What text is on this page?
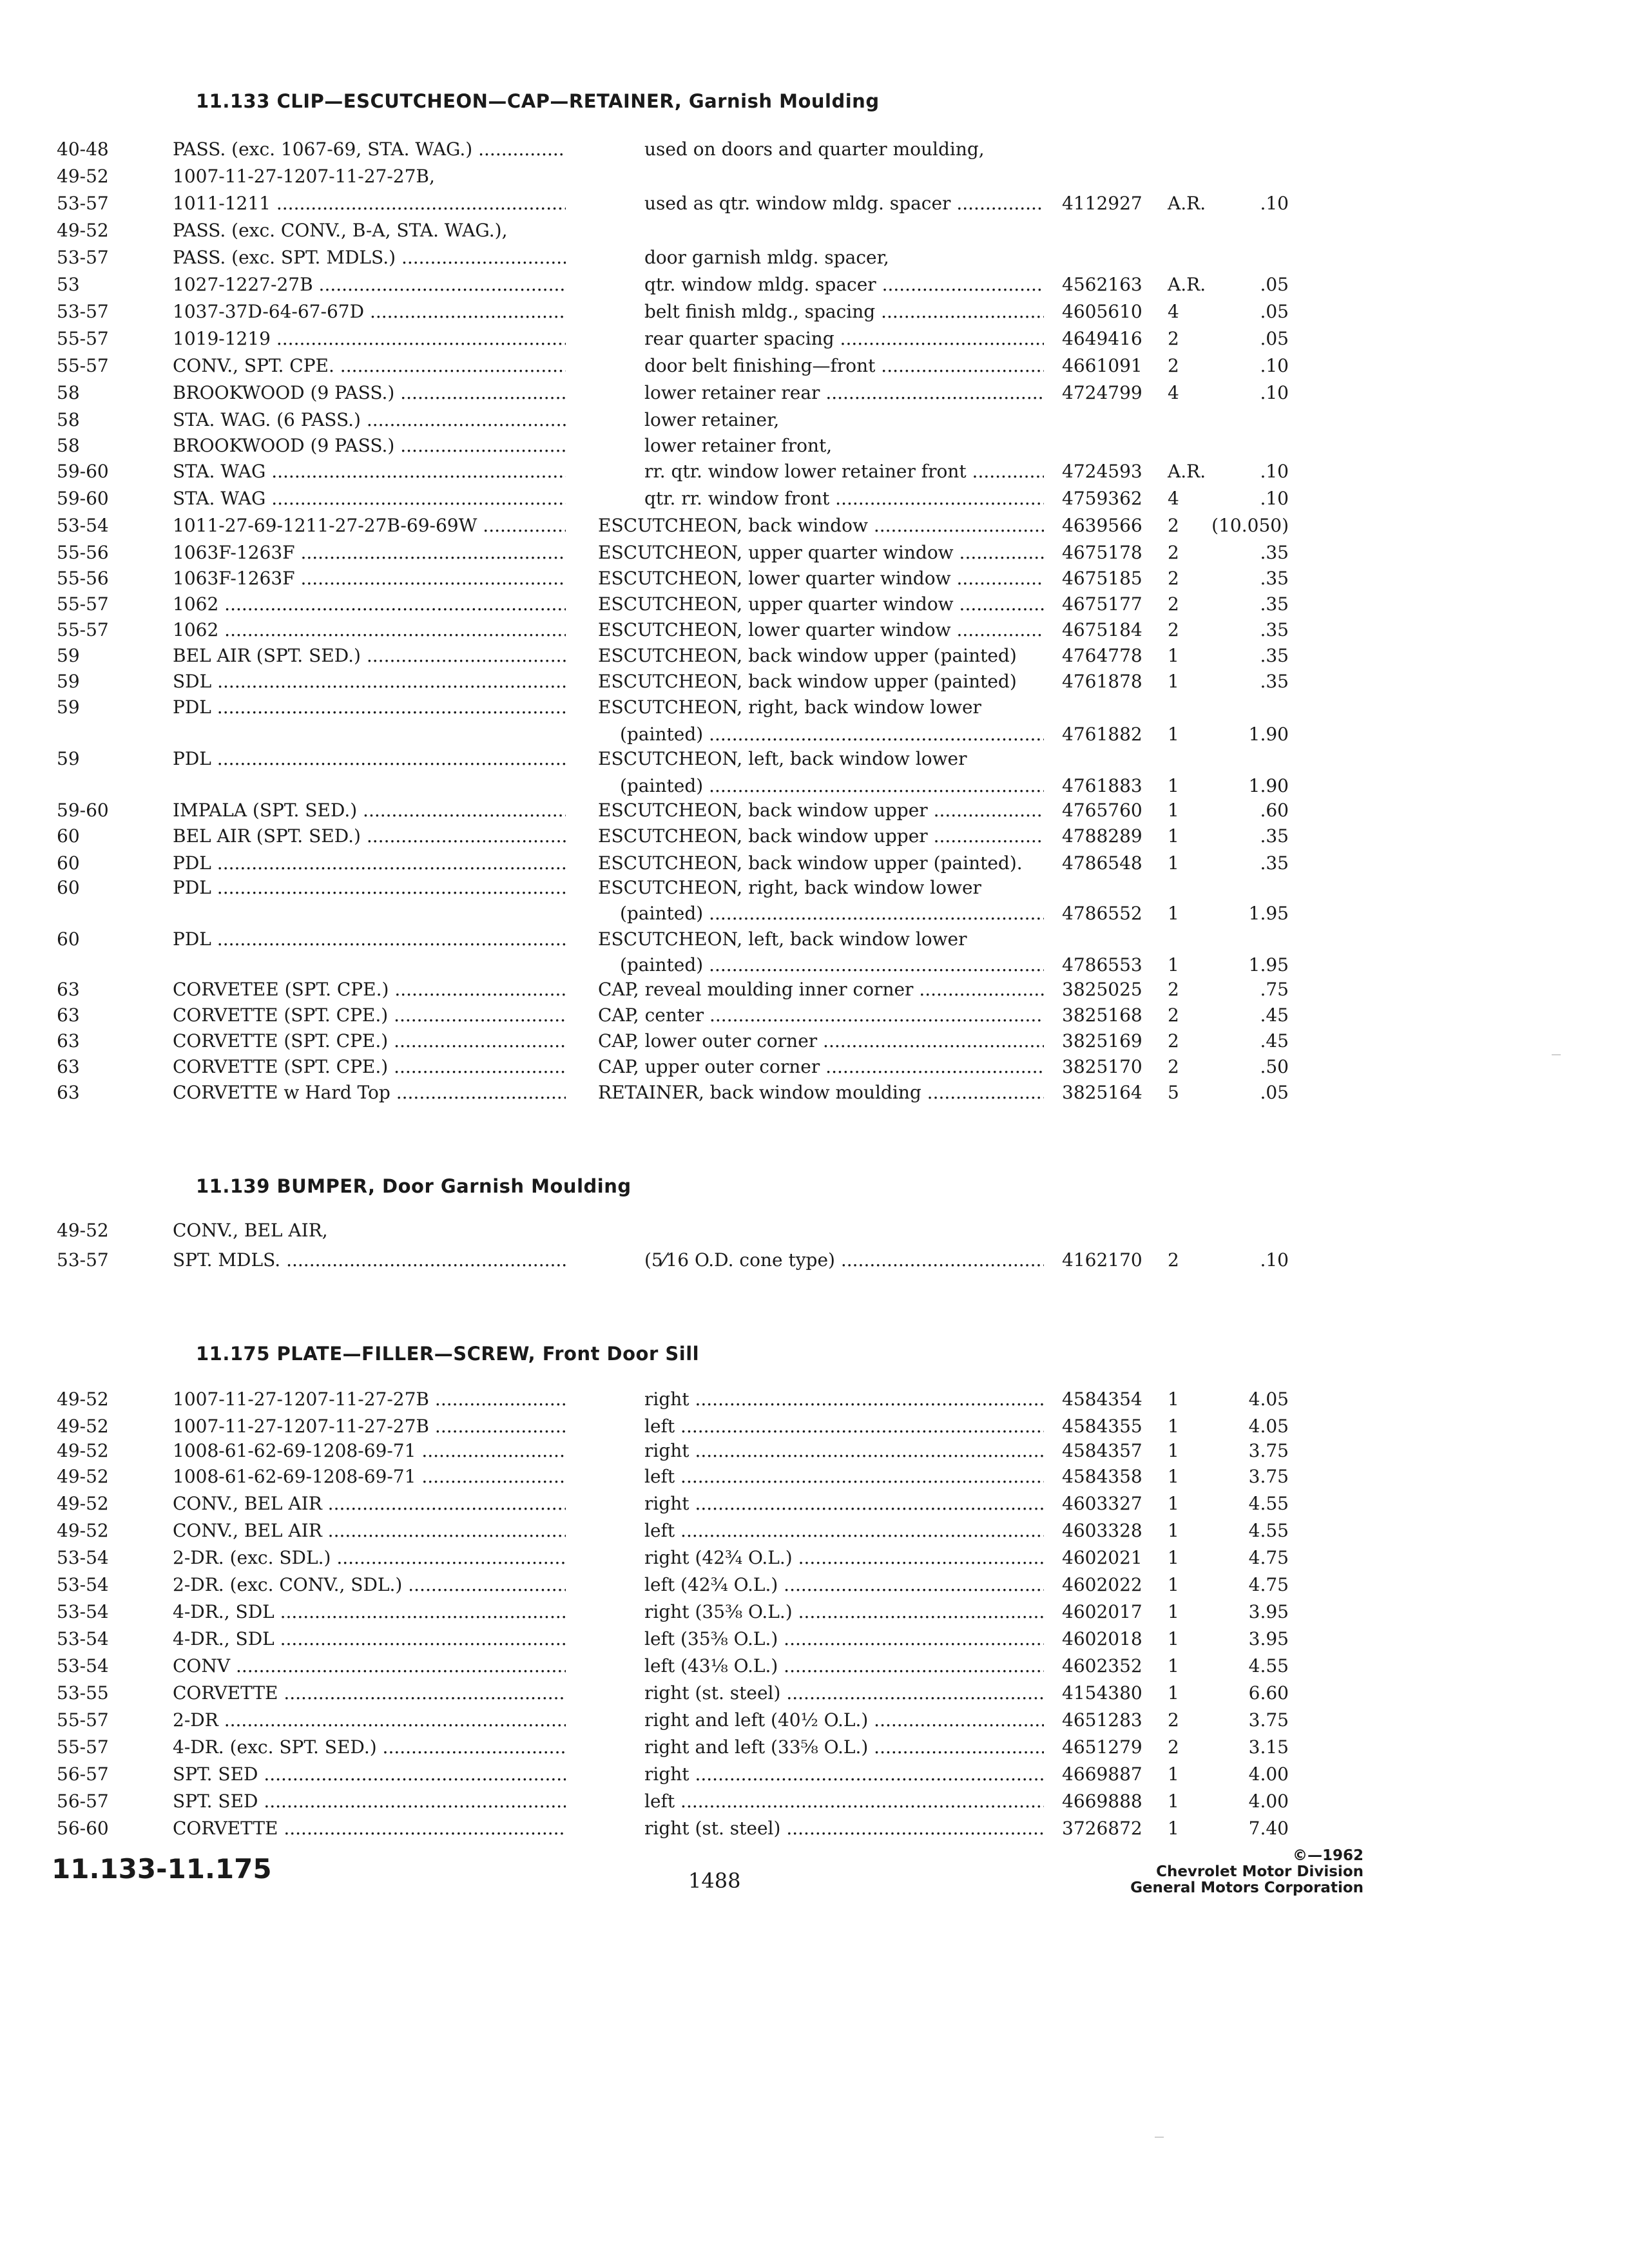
11.133 CLIP—ESCUTCHEON—CAP—RETAINER, Garnish Moulding
40-48	PASS. (exc. 1067-69, STA. WAG.) .....	used on doors and quarter moulding,
49-52	1007-11-27-1207-11-27-27B,
53-57	1011-1211 .....	used as qtr. window mldg. spacer .....	4112927 A.R.	.10
49-52	PASS. (exc. CONV., B-A, STA. WAG.),
53-57	PASS. (exc. SPT. MDLS.) .....	door garnish mldg. spacer,
53	1027-1227-27B .....	qtr. window mldg. spacer .....	4562163 A.R.	.05
53-57	1037-37D-64-67-67D .....	belt finish mldg., spacing .....	4605610 4	.05
55-57	1019-1219 .....	rear quarter spacing .....	4649416 2	.05
55-57	CONV., SPT. CPE. .....	door belt finishing—front .....	4661091 2	.10
58	BROOKWOOD (9 PASS.) .....	lower retainer rear .....	4724799 4	.10
58	STA. WAG. (6 PASS.) .....	lower retainer,
58	BROOKWOOD (9 PASS.) .....	lower retainer front,
59-60	STA. WAG .....	rr. qtr. window lower retainer front .....	4724593 A.R.	.10
59-60	STA. WAG .....	qtr. rr. window front .....	4759362 4	.10
53-54	1011-27-69-1211-27-27B-69-69W .....	ESCUTCHEON, back window .....	4639566 2 (10.050)
55-56	1063F-1263F .....	ESCUTCHEON, upper quarter window .....	4675178 2	.35
55-56	1063F-1263F .....	ESCUTCHEON, lower quarter window .....	4675185 2	.35
55-57	1062 .....	ESCUTCHEON, upper quarter window .....	4675177 2	.35
55-57	1062 .....	ESCUTCHEON, lower quarter window .....	4675184 2	.35
59	BEL AIR (SPT. SED.) .....	ESCUTCHEON, back window upper (painted)	4764778 1	.35
59	SDL .....	ESCUTCHEON, back window upper (painted)	4761878 1	.35
59	PDL .....	ESCUTCHEON, right, back window lower
(painted) .....	4761882 1	1.90
59	PDL .....	ESCUTCHEON, left, back window lower
(painted) .....	4761883 1	1.90
59-60	IMPALA (SPT. SED.) .....	ESCUTCHEON, back window upper .....	4765760 1	.60
60	BEL AIR (SPT. SED.) .....	ESCUTCHEON, back window upper .....	4788289 1	.35
60	PDL .....	ESCUTCHEON, back window upper (painted).	4786548 1	.35
60	PDL .....	ESCUTCHEON, right, back window lower
(painted) .....	4786552 1	1.95
60	PDL .....	ESCUTCHEON, left, back window lower
(painted) .....	4786553 1	1.95
63	CORVETEE (SPT. CPE.) .....	CAP, reveal moulding inner corner .....	3825025 2	.75
63	CORVETTE (SPT. CPE.) .....	CAP, center .....	3825168 2	.45
63	CORVETTE (SPT. CPE.) .....	CAP, lower outer corner .....	3825169 2	.45
63	CORVETTE (SPT. CPE.) .....	CAP, upper outer corner .....	3825170 2	.50
63	CORVETTE w Hard Top .....	RETAINER, back window moulding .....	3825164 5	.05
11.139 BUMPER, Door Garnish Moulding
49-52	CONV., BEL AIR,
53-57	SPT. MDLS. .....	(5⁄16 O.D. cone type) .....	4162170 2	.10
11.175 PLATE—FILLER—SCREW, Front Door Sill
49-52	1007-11-27-1207-11-27-27B .....	right .....	4584354 1	4.05
49-52	1007-11-27-1207-11-27-27B .....	left .....	4584355 1	4.05
49-52	1008-61-62-69-1208-69-71 .....	right .....	4584357 1	3.75
49-52	1008-61-62-69-1208-69-71 .....	left .....	4584358 1	3.75
49-52	CONV., BEL AIR .....	right .....	4603327 1	4.55
49-52	CONV., BEL AIR .....	left .....	4603328 1	4.55
53-54	2-DR. (exc. SDL.) .....	right (42¾ O.L.) .....	4602021 1	4.75
53-54	2-DR. (exc. CONV., SDL.) .....	left (42¾ O.L.) .....	4602022 1	4.75
53-54	4-DR., SDL .....	right (35⅜ O.L.) .....	4602017 1	3.95
53-54	4-DR., SDL .....	left (35⅜ O.L.) .....	4602018 1	3.95
53-54	CONV .....	left (43⅛ O.L.) .....	4602352 1	4.55
53-55	CORVETTE .....	right (st. steel) .....	4154380 1	6.60
55-57	2-DR .....	right and left (40½ O.L.) .....	4651283 2	3.75
55-57	4-DR. (exc. SPT. SED.) .....	right and left (33⅝ O.L.) .....	4651279 2	3.15
56-57	SPT. SED .....	right .....	4669887 1	4.00
56-57	SPT. SED .....	left .....	4669888 1	4.00
56-60	CORVETTE .....	right (st. steel) .....	3726872 1	7.40
11.133-11.175	1488
©—1962
Chevrolet Motor Division
General Motors Corporation
